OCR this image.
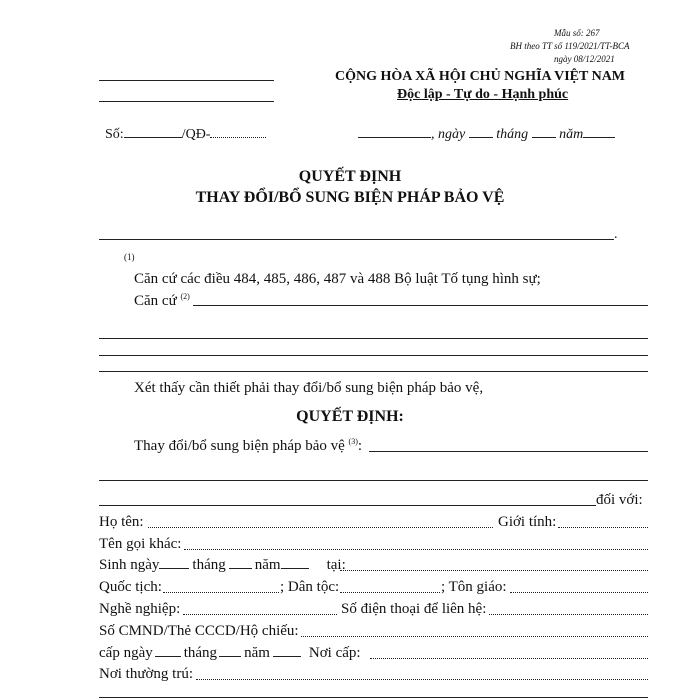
Mẫu số: 267
BH theo TT số 119/2021/TT-BCA
ngày 08/12/2021
CỘNG HÒA XÃ HỘI CHỦ NGHĨA VIỆT NAM
Độc lập - Tự do - Hạnh phúc
Số:	/QĐ-	, ngày tháng năm
QUYẾT ĐỊNH
THAY ĐỔI/BỔ SUNG BIỆN PHÁP BẢO VỆ
.
(1)
Căn cứ các điều 484, 485, 486, 487 và 488 Bộ luật Tố tụng hình sự;
Căn cứ $^{(2)}$
Xét thấy cần thiết phải thay đổi/bổ sung biện pháp bảo vệ,
QUYẾT ĐỊNH:
Thay đổi/bổ sung biện pháp bảo vệ $^{(3)}$:
đối với:
Họ tên:	Giới tính:
Tên gọi khác:
Sinh ngày tháng năm	tại:
Quốc tịch:	; Dân tộc:	; Tôn giáo:
Nghề nghiệp:	Số điện thoại để liên hệ:
Số CMND/Thẻ CCCD/Hộ chiếu:
cấp ngày tháng năm	Nơi cấp:
Nơi thường trú:
